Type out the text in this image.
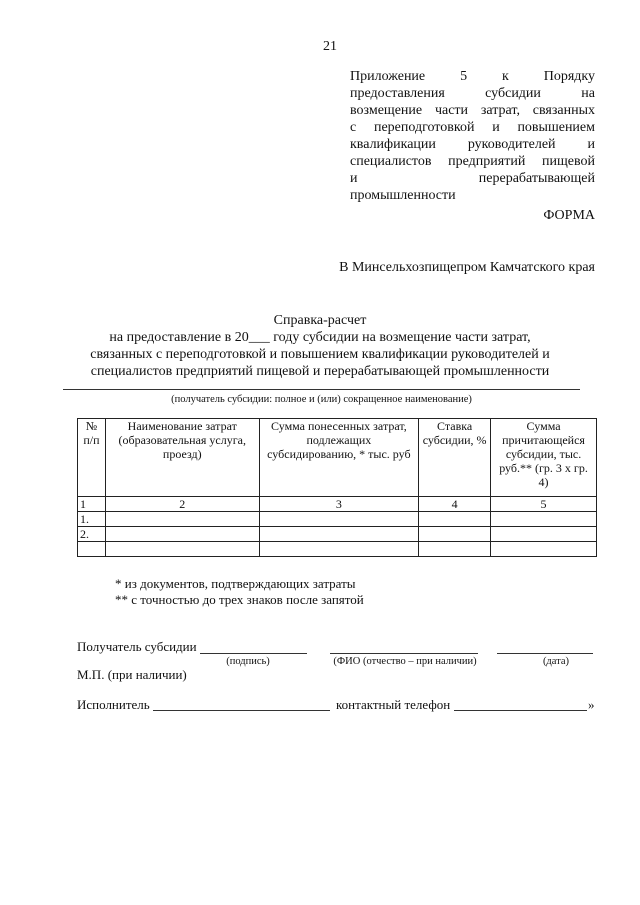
21
Приложение 5 к Порядку
предоставления субсидии на
возмещение части затрат, связанных
с переподготовкой и повышением
квалификации руководителей и
специалистов предприятий пищевой
и перерабатывающей
промышленности
ФОРМА
В Минсельхозпищепром Камчатского края
Справка-расчет
на предоставление в 20___ году субсидии на возмещение части затрат,
связанных с переподготовкой и повышением квалификации руководителей и
специалистов предприятий пищевой и перерабатывающей промышленности
(получатель субсидии: полное и (или) сокращенное наименование)
№ п/п	Наименование затрат (образовательная услуга, проезд)	Сумма понесенных затрат, подлежащих субсидированию, * тыс. руб	Ставка субсидии, %	Сумма причитающейся субсидии, тыс. руб.** (гр. 3 х гр. 4)
1	2	3	4	5
1.				
2.				

* из документов, подтверждающих затраты
** с точностью до трех знаков после запятой
Получатель субсидии
(подпись)	(ФИО (отчество – при наличии)	(дата)
М.П. (при наличии)
Исполнитель	контактный телефон	»
